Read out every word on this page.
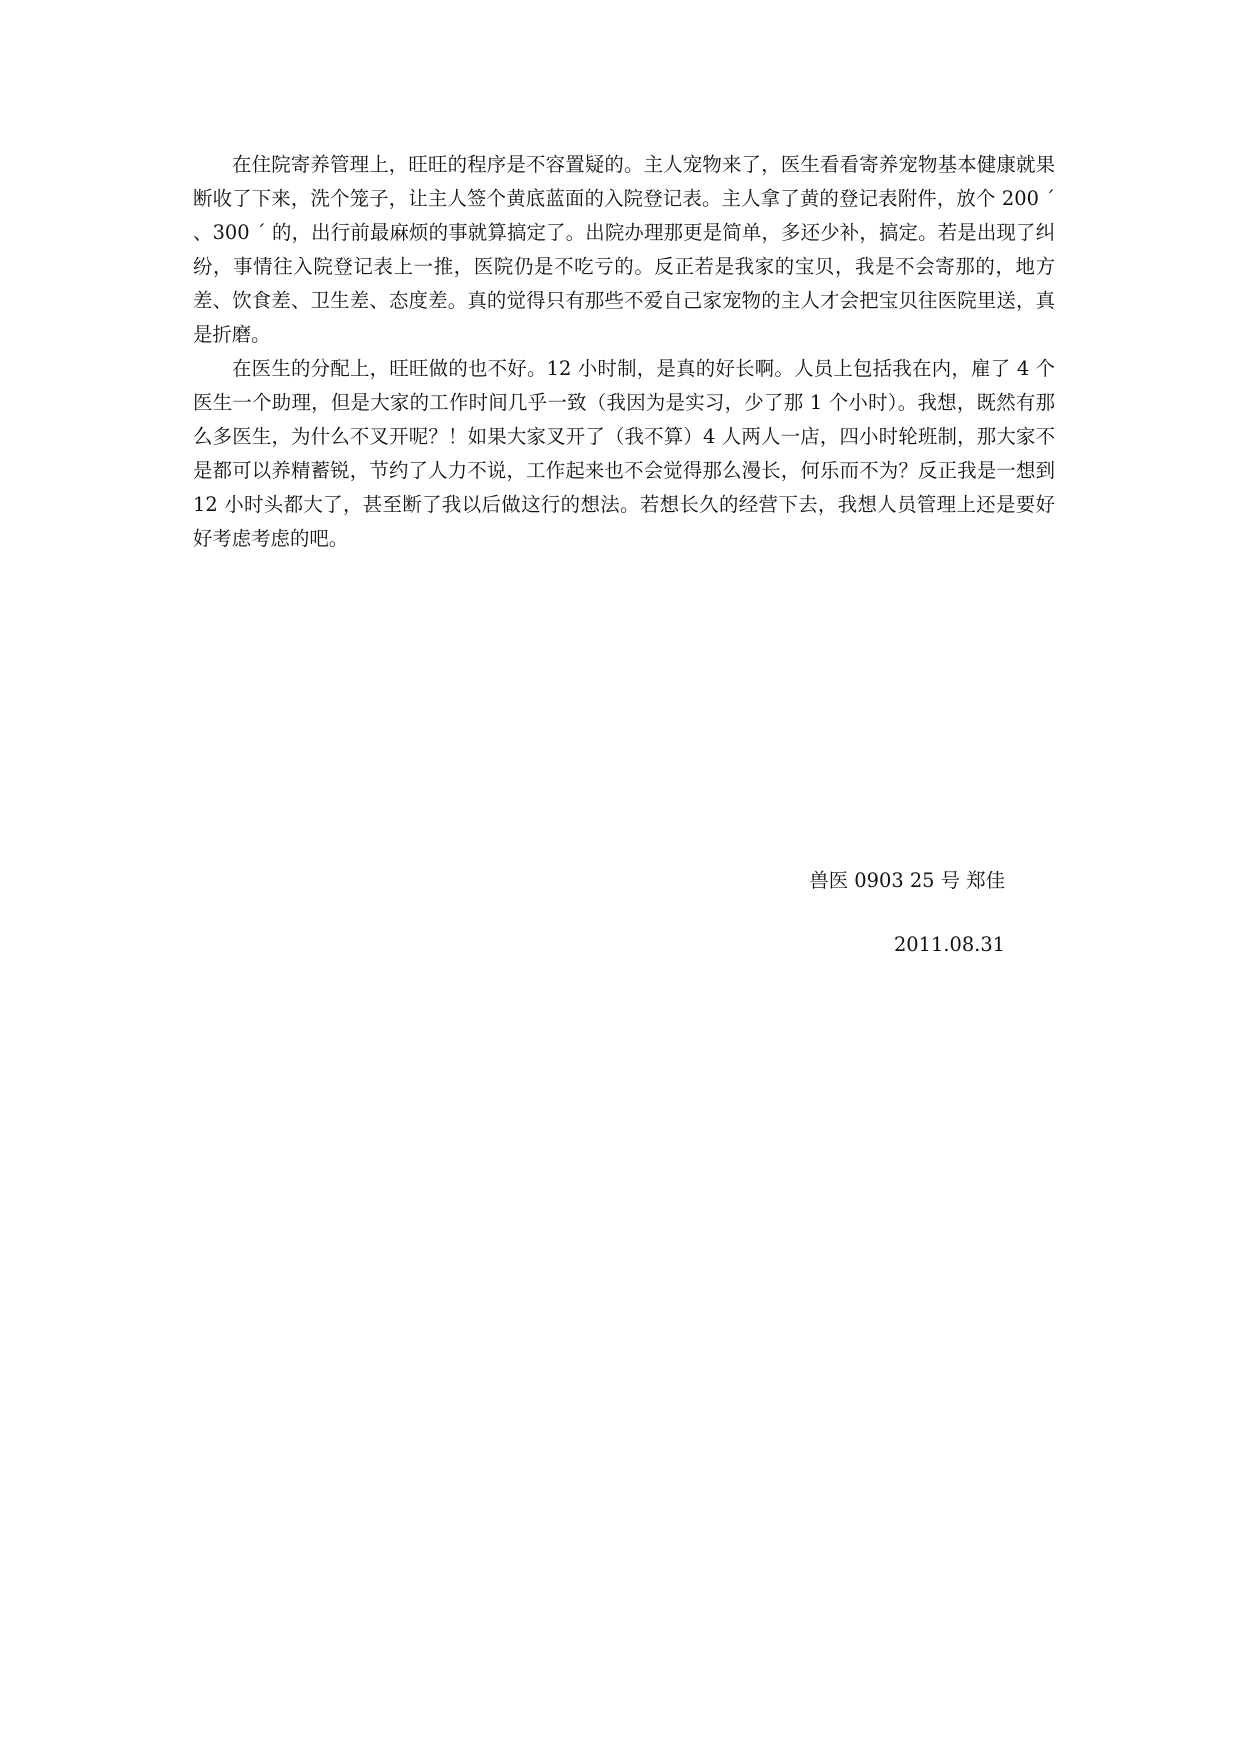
在住院寄养管理上，旺旺的程序是不容置疑的。主人宠物来了，医生看看寄养宠物基本健康就果断收了下来，洗个笼子，让主人签个黄底蓝面的入院登记表。主人拿了黄的登记表附件，放个 200 ´ 、300 ´ 的，出行前最麻烦的事就算搞定了。出院办理那更是简单，多还少补，搞定。若是出现了纠纷，事情往入院登记表上一推，医院仍是不吃亏的。反正若是我家的宝贝，我是不会寄那的，地方差、饮食差、卫生差、态度差。真的觉得只有那些不爱自己家宠物的主人才会把宝贝往医院里送，真是折磨。

在医生的分配上，旺旺做的也不好。12 小时制，是真的好长啊。人员上包括我在内，雇了 4 个医生一个助理，但是大家的工作时间几乎一致（我因为是实习，少了那 1 个小时）。我想，既然有那么多医生，为什么不叉开呢？！如果大家叉开了（我不算）4 人两人一店，四小时轮班制，那大家不是都可以养精蓄锐，节约了人力不说，工作起来也不会觉得那么漫长，何乐而不为？反正我是一想到 12 小时头都大了，甚至断了我以后做这行的想法。若想长久的经营下去，我想人员管理上还是要好好考虑考虑的吧。

兽医 0903 25 号 郑佳

2011.08.31
